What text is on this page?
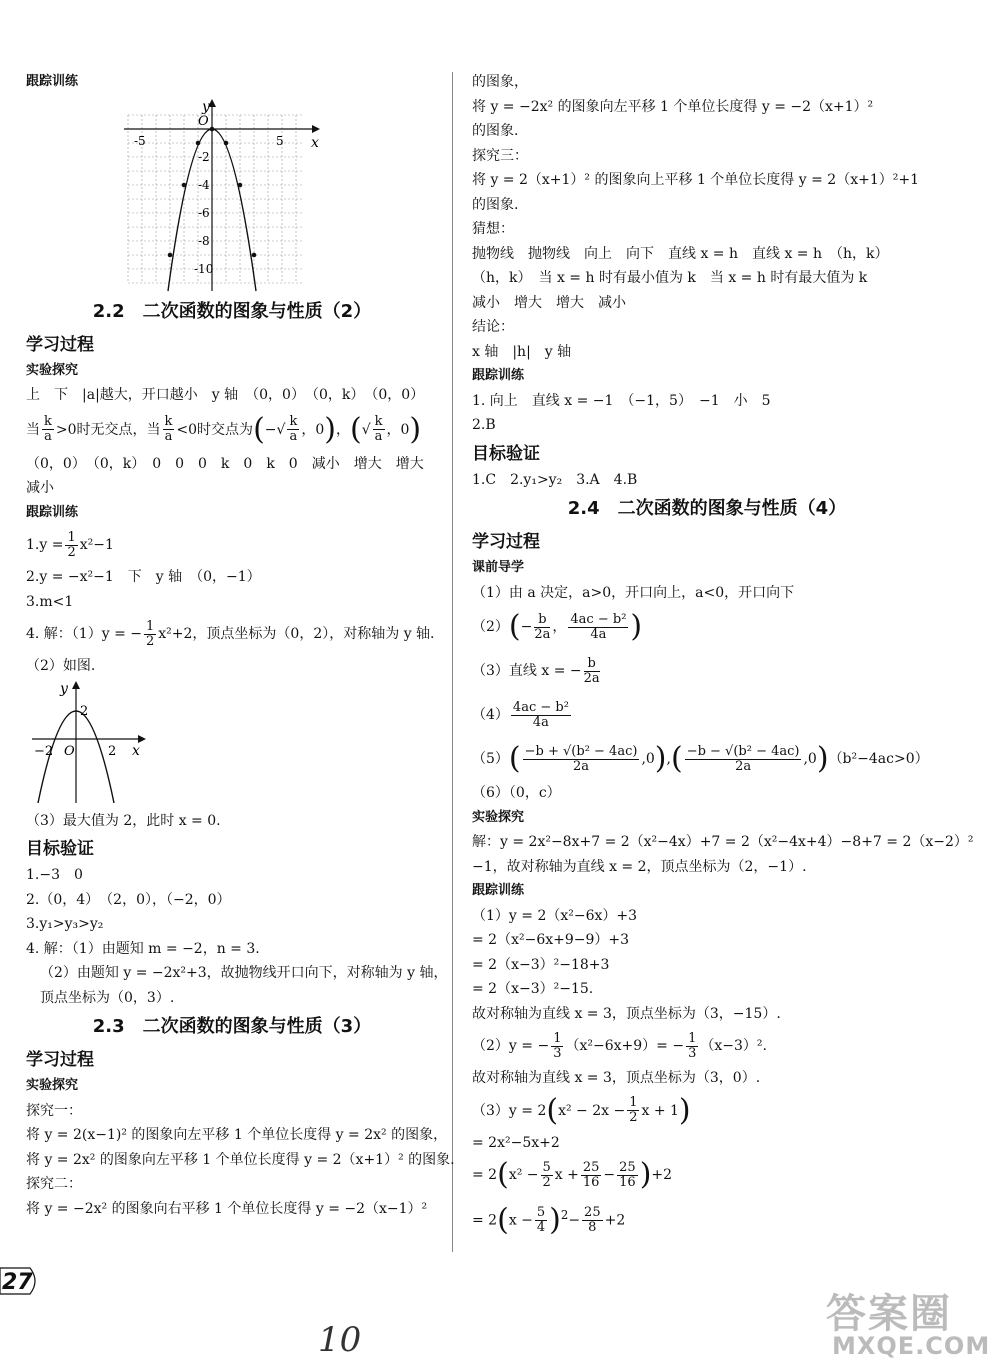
跟踪训练
y
x
O
-5	5
-2
-4
-6
-8
-10
2.2 二次函数的图象与性质（2）
学习过程
实验探究
上　下　|a|越大，开口越小　y 轴　（0，0）　（0，k）　（0，0）
当 $\frac{k}{a} >0$时无交点，当 $\frac{k}{a} <0$时交点为(−√ $\frac{k}{a}$ ，0)，(√ $\frac{k}{a}$ ，0)
（0，0）　（0，k）　0　0　0　k　0　k　0　减小　增大　增大
减小
跟踪训练
$1.y = \frac{1}{2} x^2-1$
2.y = −x²−1　下　y 轴　（0，−1）
3.m<1
4. 解：（1）y = − $\frac{1}{2} x^2+2$，顶点坐标为（0，2），对称轴为 y 轴.
（2）如图.
y
x
O
2
−2	2
（3）最大值为 2，此时 x = 0.
目标验证
1.−3　0
2.（0，4）　（2，0），（−2，0）
3.y₁>y₃>y₂
4. 解：（1）由题知 m = −2，n = 3.
（2）由题知 y = −2x²+3，故抛物线开口向下，对称轴为 y 轴，
顶点坐标为（0，3）.
2.3 二次函数的图象与性质（3）
学习过程
实验探究
探究一：
将 y = 2(x−1)² 的图象向左平移 1 个单位长度得 y = 2x² 的图象，
将 y = 2x² 的图象向左平移 1 个单位长度得 y = 2（x+1）² 的图象.
探究二：
将 y = −2x² 的图象向右平移 1 个单位长度得 y = −2（x−1）²
的图象，
将 y = −2x² 的图象向左平移 1 个单位长度得 y = −2（x+1）²
的图象.
探究三：
将 y = 2（x+1）² 的图象向上平移 1 个单位长度得 y = 2（x+1）²+1
的图象.
猜想：
抛物线　抛物线　向上　向下　直线 x = h　直线 x = h　（h，k）
（h，k）　当 x = h 时有最小值为 k　当 x = h 时有最大值为 k
减小　增大　增大　减小
结论：
x 轴　|h|　y 轴
跟踪训练
1. 向上　直线 x = −1　（−1，5）　−1　小　5
2.B
目标验证
1.C　2.y₁>y₂　3.A　4.B
2.4 二次函数的图象与性质（4）
学习过程
课前导学
（1）由 a 决定，a>0，开口向上，a<0，开口向下
$(2)(- \frac{b}{2a}$ ， $\frac{\text{4ac − b²}}{4a}$ )
（3）直线 x = − $\frac{b}{2a}$
$(4) \frac{\text{4ac − b²}}{4a}$
$(5)( \frac{\text{−b + √(b² − 4ac)}}{2a} ,0),( \frac{\text{−b − √(b² − 4ac)}}{2a} ,0)(b^2-4ac>0)$
（6）（0，c）
实验探究
解：y = 2x²−8x+7 = 2（x²−4x）+7 = 2（x²−4x+4）−8+7 = 2（x−2）²
−1，故对称轴为直线 x = 2，顶点坐标为（2，−1）.
跟踪训练
（1）y = 2（x²−6x）+3
= 2（x²−6x+9−9）+3
= 2（x−3）²−18+3
= 2（x−3）²−15.
故对称轴为直线 x = 3，顶点坐标为（3，−15）.
（2）y = − $\frac{1}{3} (x^2-6x+9)= - \frac{1}{3} (x-3)^2$.
故对称轴为直线 x = 3，顶点坐标为（3，0）.
$(3)y = 2(x^2 - 2x - \frac{1}{2}$ x + 1)
= 2x²−5x+2
= $2(x^2 - \frac{5}{2}$ $x + \frac{25}{16} - \frac{25}{16} )+2$
= $2(x - \frac{5}{4} )^2- \frac{25}{8} +2$
27
10
答案圈
MXQE.COM
